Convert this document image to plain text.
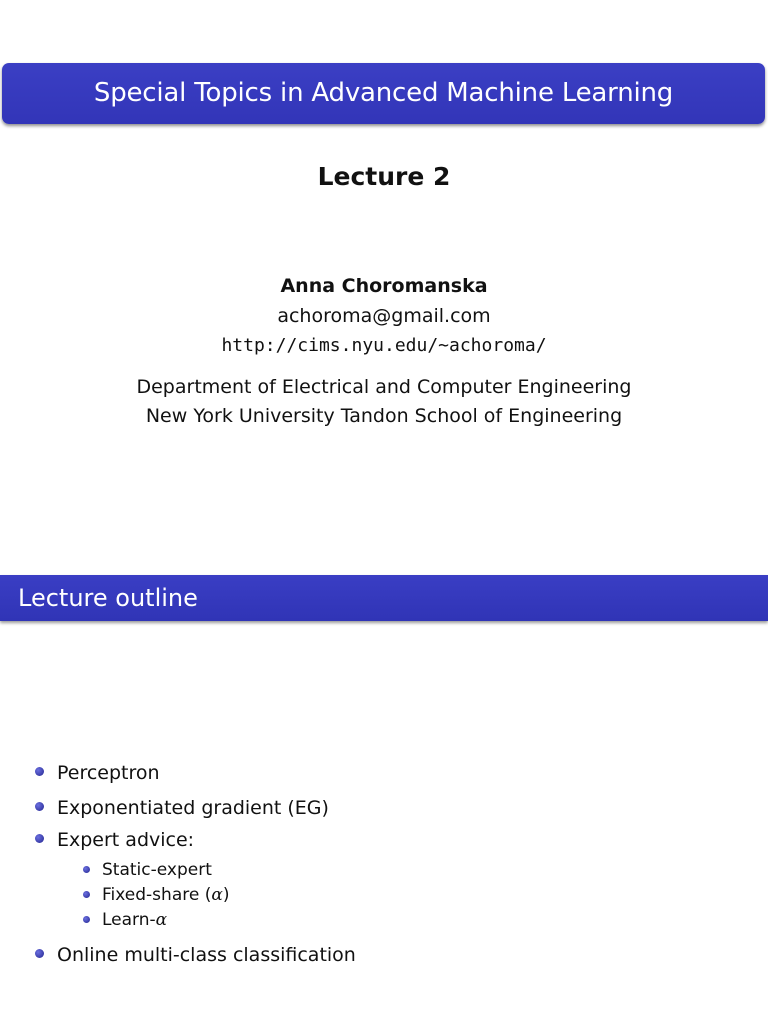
Special Topics in Advanced Machine Learning
Lecture 2
Anna Choromanska
achoroma@gmail.com
http://cims.nyu.edu/~achoroma/
Department of Electrical and Computer Engineering
New York University Tandon School of Engineering
Lecture outline
Perceptron
Exponentiated gradient (EG)
Expert advice:
Static-expert
Fixed-share (α)
Learn-α
Online multi-class classification
